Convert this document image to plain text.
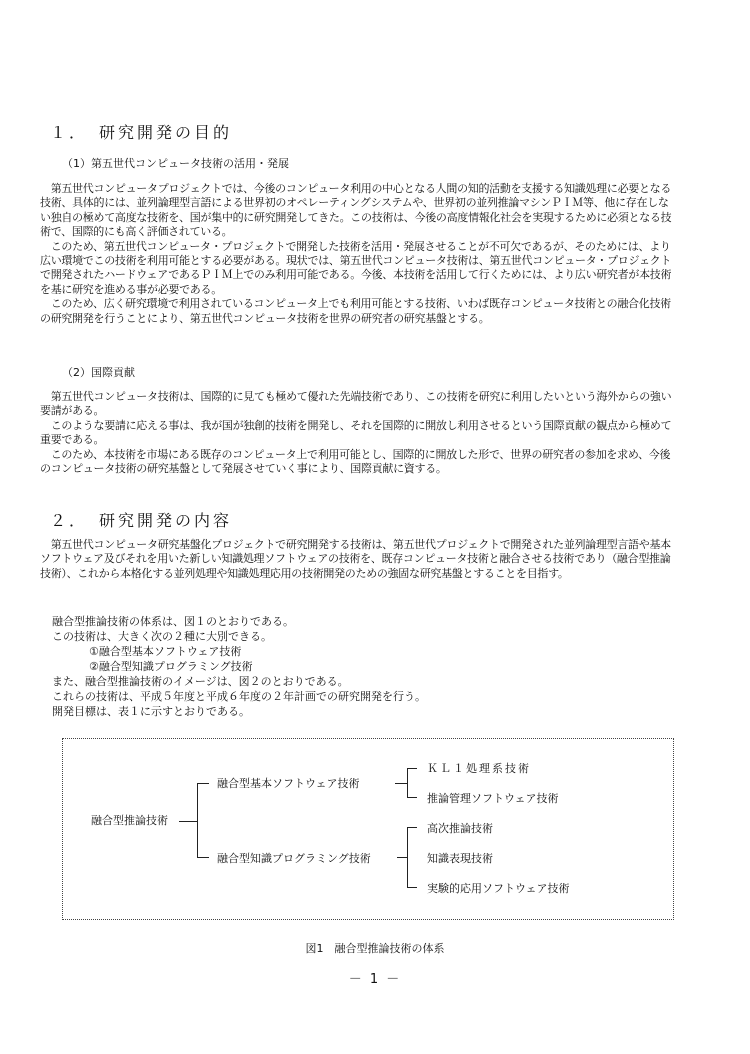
１．　研究開発の目的
（1）第五世代コンピュータ技術の活用・発展
　第五世代コンピュータプロジェクトでは、今後のコンピュータ利用の中心となる人間の知的活動を支援する知識処理に必要となる技術、具体的には、並列論理型言語による世界初のオペレーティングシステムや、世界初の並列推論マシンＰＩＭ等、他に存在しない独自の極めて高度な技術を、国が集中的に研究開発してきた。この技術は、今後の高度情報化社会を実現するために必須となる技術で、国際的にも高く評価されている。
　このため、第五世代コンピュータ・プロジェクトで開発した技術を活用・発展させることが不可欠であるが、そのためには、より広い環境でこの技術を利用可能とする必要がある。現状では、第五世代コンピュータ技術は、第五世代コンピュータ・プロジェクトで開発されたハードウェアであるＰＩＭ上でのみ利用可能である。今後、本技術を活用して行くためには、より広い研究者が本技術を基に研究を進める事が必要である。
　このため、広く研究環境で利用されているコンピュータ上でも利用可能とする技術、いわば既存コンピュータ技術との融合化技術の研究開発を行うことにより、第五世代コンピュータ技術を世界の研究者の研究基盤とする。
（2）国際貢献
　第五世代コンピュータ技術は、国際的に見ても極めて優れた先端技術であり、この技術を研究に利用したいという海外からの強い要請がある。
　このような要請に応える事は、我が国が独創的技術を開発し、それを国際的に開放し利用させるという国際貢献の観点から極めて重要である。
　このため、本技術を市場にある既存のコンピュータ上で利用可能とし、国際的に開放した形で、世界の研究者の参加を求め、今後のコンピュータ技術の研究基盤として発展させていく事により、国際貢献に資する。
２．　研究開発の内容
　第五世代コンピュータ研究基盤化プロジェクトで研究開発する技術は、第五世代プロジェクトで開発された並列論理型言語や基本ソフトウェア及びそれを用いた新しい知識処理ソフトウェアの技術を、既存コンピュータ技術と融合させる技術であり（融合型推論技術）、これから本格化する並列処理や知識処理応用の技術開発のための強固な研究基盤とすることを目指す。
融合型推論技術の体系は、図１のとおりである。
この技術は、大きく次の２種に大別できる。
①融合型基本ソフトウェア技術
②融合型知識プログラミング技術
また、融合型推論技術のイメージは、図２のとおりである。
これらの技術は、平成５年度と平成６年度の２年計画での研究開発を行う。
開発目標は、表１に示すとおりである。
融合型推論技術
融合型基本ソフトウェア技術
ＫＬ１処理系技術
推論管理ソフトウェア技術
融合型知識プログラミング技術
高次推論技術
知識表現技術
実験的応用ソフトウェア技術
図1　融合型推論技術の体系
－ 1 －
